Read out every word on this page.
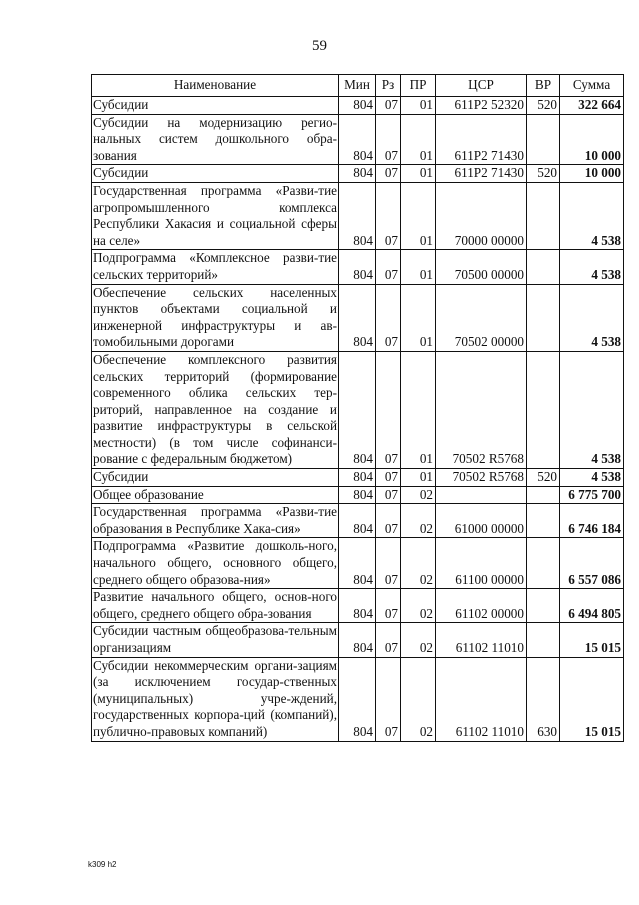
59
Наименование	Мин	Рз	ПР	ЦСР	ВР	Сумма
Субсидии	804	07	01	611Р2 52320	520	322 664
Субсидии на модернизацию регио-нальных систем дошкольного обра-зования	804	07	01	611Р2 71430		10 000
Субсидии	804	07	01	611Р2 71430	520	10 000
Государственная программа «Разви-тие агропромышленного комплекса Республики Хакасия и социальной сферы на селе»	804	07	01	70000 00000		4 538
Подпрограмма «Комплексное разви-тие сельских территорий»	804	07	01	70500 00000		4 538
Обеспечение сельских населенных пунктов объектами социальной и инженерной инфраструктуры и ав-томобильными дорогами	804	07	01	70502 00000		4 538
Обеспечение комплексного развития сельских территорий (формирование современного облика сельских тер-риторий, направленное на создание и развитие инфраструктуры в сельской местности) (в том числе софинанси-рование с федеральным бюджетом)	804	07	01	70502 R5768		4 538
Субсидии	804	07	01	70502 R5768	520	4 538
Общее образование	804	07	02			6 775 700
Государственная программа «Разви-тие образования в Республике Хака-сия»	804	07	02	61000 00000		6 746 184
Подпрограмма «Развитие дошколь-ного, начального общего, основного общего, среднего общего образова-ния»	804	07	02	61100 00000		6 557 086
Развитие начального общего, основ-ного общего, среднего общего обра-зования	804	07	02	61102 00000		6 494 805
Субсидии частным общеобразова-тельным организациям	804	07	02	61102 11010		15 015
Субсидии некоммерческим органи-зациям (за исключением государ-ственных (муниципальных) учре-ждений, государственных корпора-ций (компаний), публично-правовых компаний)	804	07	02	61102 11010	630	15 015
k309 h2
